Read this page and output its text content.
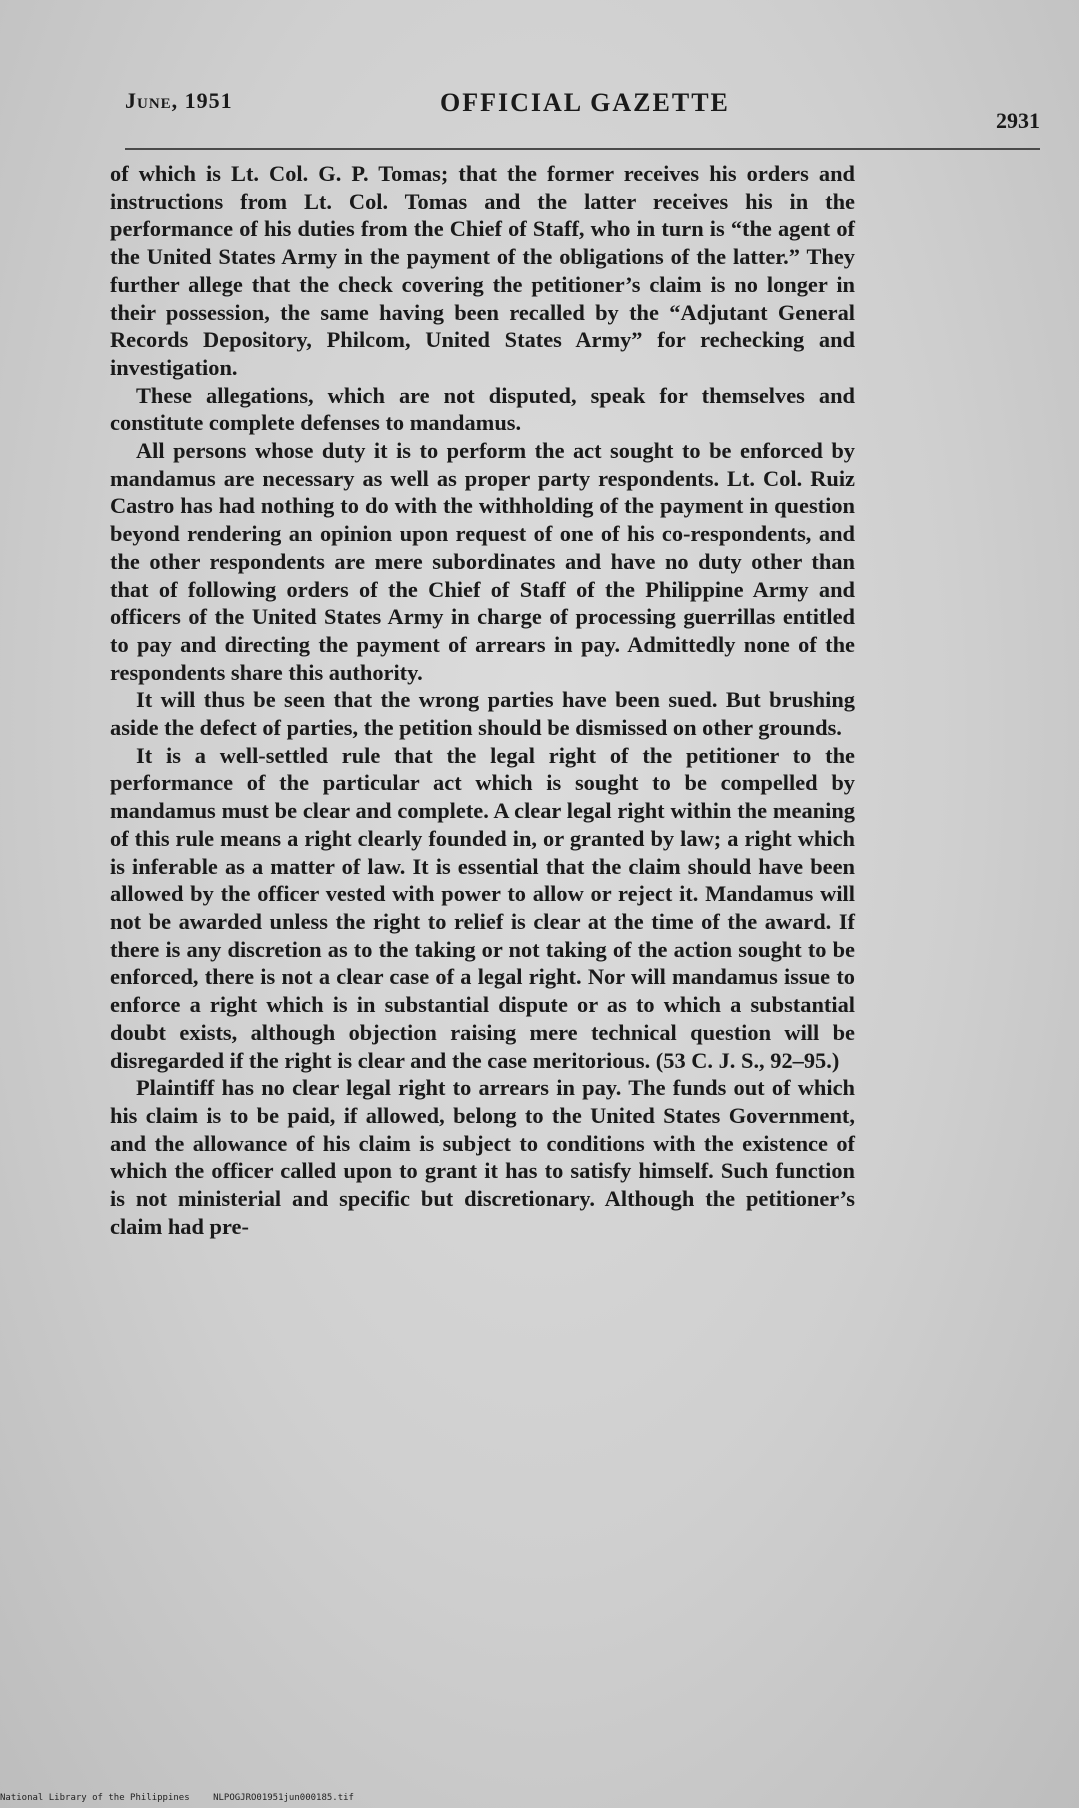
June, 1951	OFFICIAL GAZETTE
2931

of which is Lt. Col. G. P. Tomas; that the former receives his orders and instructions from Lt. Col. Tomas and the latter receives his in the performance of his duties from the Chief of Staff, who in turn is “the agent of the United States Army in the payment of the obligations of the latter.” They further allege that the check covering the petitioner’s claim is no longer in their possession, the same having been recalled by the “Adjutant General Records Depository, Philcom, United States Army” for rechecking and investigation.

These allegations, which are not disputed, speak for themselves and constitute complete defenses to mandamus.

All persons whose duty it is to perform the act sought to be enforced by mandamus are necessary as well as proper party respondents. Lt. Col. Ruiz Castro has had nothing to do with the withholding of the payment in question beyond rendering an opinion upon request of one of his co-respondents, and the other respondents are mere subordinates and have no duty other than that of following orders of the Chief of Staff of the Philippine Army and officers of the United States Army in charge of processing guerrillas entitled to pay and directing the payment of arrears in pay. Admittedly none of the respondents share this authority.

It will thus be seen that the wrong parties have been sued. But brushing aside the defect of parties, the petition should be dismissed on other grounds.

It is a well-settled rule that the legal right of the petitioner to the performance of the particular act which is sought to be compelled by mandamus must be clear and complete. A clear legal right within the meaning of this rule means a right clearly founded in, or granted by law; a right which is inferable as a matter of law. It is essential that the claim should have been allowed by the officer vested with power to allow or reject it. Mandamus will not be awarded unless the right to relief is clear at the time of the award. If there is any discretion as to the taking or not taking of the action sought to be enforced, there is not a clear case of a legal right. Nor will mandamus issue to enforce a right which is in substantial dispute or as to which a substantial doubt exists, although objection raising mere technical question will be disregarded if the right is clear and the case meritorious. (53 C. J. S., 92–95.)

Plaintiff has no clear legal right to arrears in pay. The funds out of which his claim is to be paid, if allowed, belong to the United States Government, and the allowance of his claim is subject to conditions with the existence of which the officer called upon to grant it has to satisfy himself. Such function is not ministerial and specific but discretionary. Although the petitioner’s claim had pre-

National Library of the Philippines	NLPOGJRO01951jun000185.tif
